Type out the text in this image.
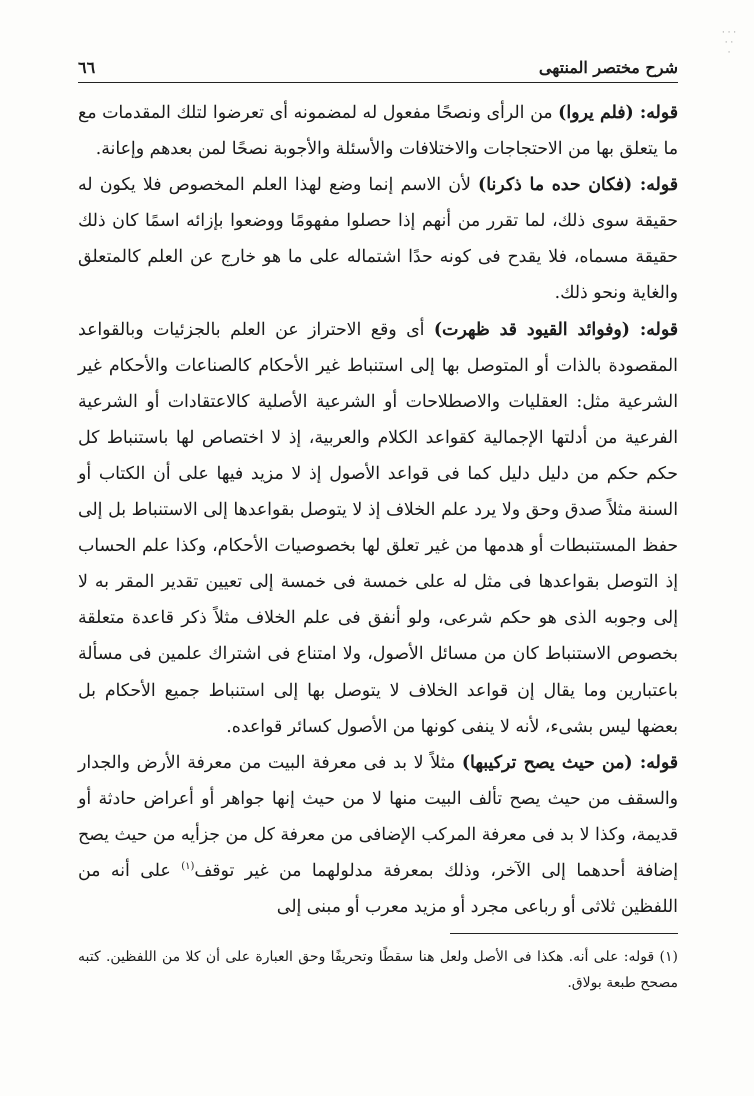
· · ·
· ·
·
شرح مختصر المنتهى
٦٦

قوله: (فلم يروا) من الرأى ونصحًا مفعول له لمضمونه أى تعرضوا لتلك المقدمات مع ما يتعلق بها من الاحتجاجات والاختلافات والأسئلة والأجوبة نصحًا لمن بعدهم وإعانة.

قوله: (فكان حده ما ذكرنا) لأن الاسم إنما وضع لهذا العلم المخصوص فلا يكون له حقيقة سوى ذلك، لما تقرر من أنهم إذا حصلوا مفهومًا ووضعوا بإزائه اسمًا كان ذلك حقيقة مسماه، فلا يقدح فى كونه حدًا اشتماله على ما هو خارج عن العلم كالمتعلق والغاية ونحو ذلك.

قوله: (وفوائد القيود قد ظهرت) أى وقع الاحتراز عن العلم بالجزئيات وبالقواعد المقصودة بالذات أو المتوصل بها إلى استنباط غير الأحكام كالصناعات والأحكام غير الشرعية مثل: العقليات والاصطلاحات أو الشرعية الأصلية كالاعتقادات أو الشرعية الفرعية من أدلتها الإجمالية كقواعد الكلام والعربية، إذ لا اختصاص لها باستنباط كل حكم حكم من دليل دليل كما فى قواعد الأصول إذ لا مزيد فيها على أن الكتاب أو السنة مثلاً صدق وحق ولا يرد علم الخلاف إذ لا يتوصل بقواعدها إلى الاستنباط بل إلى حفظ المستنبطات أو هدمها من غير تعلق لها بخصوصيات الأحكام، وكذا علم الحساب إذ التوصل بقواعدها فى مثل له على خمسة فى خمسة إلى تعيين تقدير المقر به لا إلى وجوبه الذى هو حكم شرعى، ولو أنفق فى علم الخلاف مثلاً ذكر قاعدة متعلقة بخصوص الاستنباط كان من مسائل الأصول، ولا امتناع فى اشتراك علمين فى مسألة باعتبارين وما يقال إن قواعد الخلاف لا يتوصل بها إلى استنباط جميع الأحكام بل بعضها ليس بشىء، لأنه لا ينفى كونها من الأصول كسائر قواعده.

قوله: (من حيث يصح تركيبها) مثلاً لا بد فى معرفة البيت من معرفة الأرض والجدار والسقف من حيث يصح تألف البيت منها لا من حيث إنها جواهر أو أعراض حادثة أو قديمة، وكذا لا بد فى معرفة المركب الإضافى من معرفة كل من جزأيه من حيث يصح إضافة أحدهما إلى الآخر، وذلك بمعرفة مدلولهما من غير توقف$^{(١)}$ على أنه من اللفظين ثلاثى أو رباعى مجرد أو مزيد معرب أو مبنى إلى

(١) قوله: على أنه. هكذا فى الأصل ولعل هنا سقطًا وتحريفًا وحق العبارة على أن كلا من اللفظين. كتبه مصحح طبعة بولاق.
